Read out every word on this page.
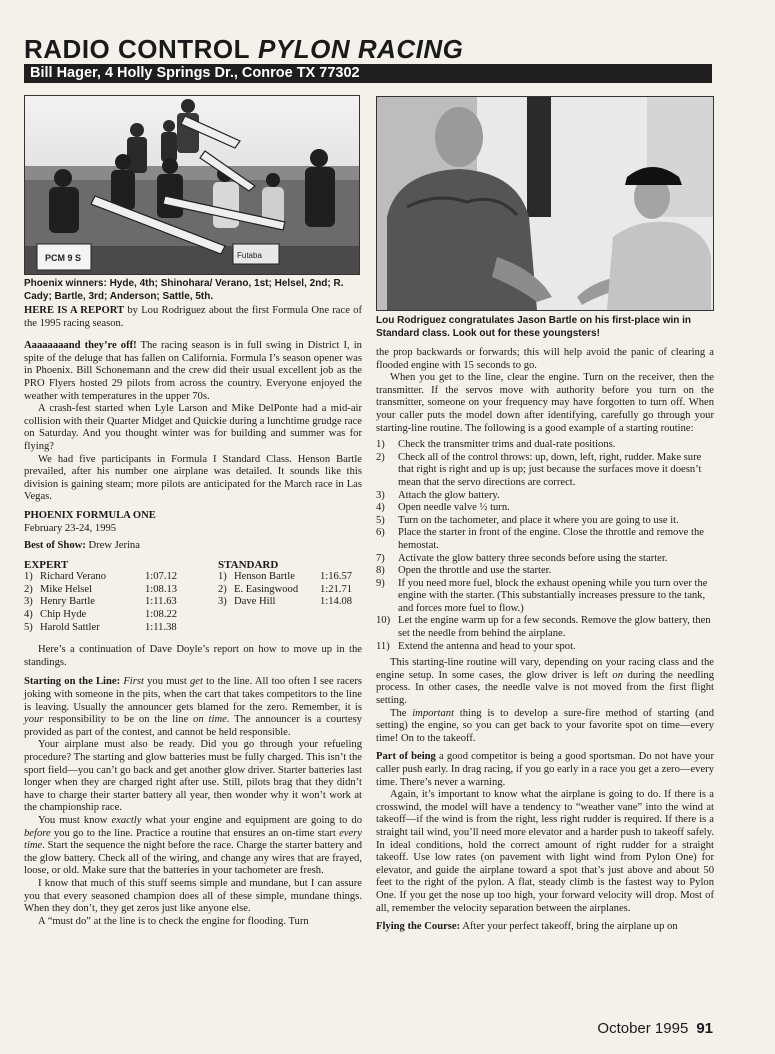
RADIO CONTROL PYLON RACING
Bill Hager, 4 Holly Springs Dr., Conroe TX 77302
PCM 9 S	Futaba
Phoenix winners: Hyde, 4th; Shinohara/ Verano, 1st; Helsel, 2nd; R. Cady; Bartle, 3rd; Anderson; Sattle, 5th.
Lou Rodriguez congratulates Jason Bartle on his first-place win in Standard class. Look out for these youngsters!

HERE IS A REPORT by Lou Rodriguez about the first Formula One race of the 1995 racing season.

Aaaaaaaand they’re off! The racing season is in full swing in District I, in spite of the deluge that has fallen on California. Formula I’s season opener was in Phoenix. Bill Schonemann and the crew did their usual excellent job as the PRO Flyers hosted 29 pilots from across the country. Everyone enjoyed the weather with temperatures in the upper 70s.

A crash-fest started when Lyle Larson and Mike DelPonte had a mid-air collision with their Quarter Midget and Quickie during a lunchtime grudge race on Saturday. And you thought winter was for building and summer was for flying?

We had five participants in Formula I Standard Class. Henson Bartle prevailed, after his number one airplane was detailed. It sounds like this division is gaining steam; more pilots are anticipated for the March race in Las Vegas.

PHOENIX FORMULA ONE
February 23-24, 1995
Best of Show: Drew Jerina
EXPERT
1) Richard Verano	1:07.12
2) Mike Helsel	1:08.13
3) Henry Bartle	1:11.63
4) Chip Hyde	1:08.22
5) Harold Sattler	1:11.38
STANDARD
1) Henson Bartle	1:16.57
2) E. Easingwood	1:21.71
3) Dave Hill	1:14.08

Here’s a continuation of Dave Doyle’s report on how to move up in the standings.

Starting on the Line: First you must get to the line. All too often I see racers joking with someone in the pits, when the cart that takes competitors to the line is leaving. Usually the announcer gets blamed for the zero. Remember, it is your responsibility to be on the line on time. The announcer is a courtesy provided as part of the contest, and cannot be held responsible.

Your airplane must also be ready. Did you go through your refueling procedure? The starting and glow batteries must be fully charged. This isn’t the sport field—you can’t go back and get another glow driver. Starter batteries last longer when they are charged right after use. Still, pilots brag that they didn’t have to charge their starter battery all year, then wonder why it won’t work at the championship race.

You must know exactly what your engine and equipment are going to do before you go to the line. Practice a routine that ensures an on-time start every time. Start the sequence the night before the race. Charge the starter battery and the glow battery. Check all of the wiring, and change any wires that are frayed, loose, or old. Make sure that the batteries in your tachometer are fresh.

I know that much of this stuff seems simple and mundane, but I can assure you that every seasoned champion does all of these simple, mundane things. When they don’t, they get zeros just like anyone else.

A “must do” at the line is to check the engine for flooding. Turn

the prop backwards or forwards; this will help avoid the panic of clearing a flooded engine with 15 seconds to go.

When you get to the line, clear the engine. Turn on the receiver, then the transmitter. If the servos move with authority before you turn on the transmitter, someone on your frequency may have forgotten to turn off. When your caller puts the model down after identifying, carefully go through your starting-line routine. The following is a good example of a starting routine:

1)	Check the transmitter trims and dual-rate positions.
2)	Check all of the control throws: up, down, left, right, rudder. Make sure that right is right and up is up; just because the surfaces move it doesn’t mean that the servo directions are correct.
3)	Attach the glow battery.
4)	Open needle valve ½ turn.
5)	Turn on the tachometer, and place it where you are going to use it.
6)	Place the starter in front of the engine. Close the throttle and remove the hemostat.
7)	Activate the glow battery three seconds before using the starter.
8)	Open the throttle and use the starter.
9)	If you need more fuel, block the exhaust opening while you turn over the engine with the starter. (This substantially increases pressure to the tank, and forces more fuel to flow.)
10) Let the engine warm up for a few seconds. Remove the glow battery, then set the needle from behind the airplane.
11) Extend the antenna and head to your spot.

This starting-line routine will vary, depending on your racing class and the engine setup. In some cases, the glow driver is left on during the needling process. In other cases, the needle valve is not moved from the first flight setting.

The important thing is to develop a sure-fire method of starting (and setting) the engine, so you can get back to your favorite spot on time—every time! On to the takeoff.

Part of being a good competitor is being a good sportsman. Do not have your caller push early. In drag racing, if you go early in a race you get a zero—every time. There’s never a warning.

Again, it’s important to know what the airplane is going to do. If there is a crosswind, the model will have a tendency to “weather vane” into the wind at takeoff—if the wind is from the right, less right rudder is required. If there is a straight tail wind, you’ll need more elevator and a harder push to takeoff safely. In ideal conditions, hold the correct amount of right rudder for a straight takeoff. Use low rates (on pavement with light wind from Pylon One) for elevator, and guide the airplane toward a spot that’s just above and about 50 feet to the right of the pylon. A flat, steady climb is the fastest way to Pylon One. If you get the nose up too high, your forward velocity will drop. Most of all, remember the velocity separation between the airplanes.

Flying the Course: After your perfect takeoff, bring the airplane up on

October 1995 91
